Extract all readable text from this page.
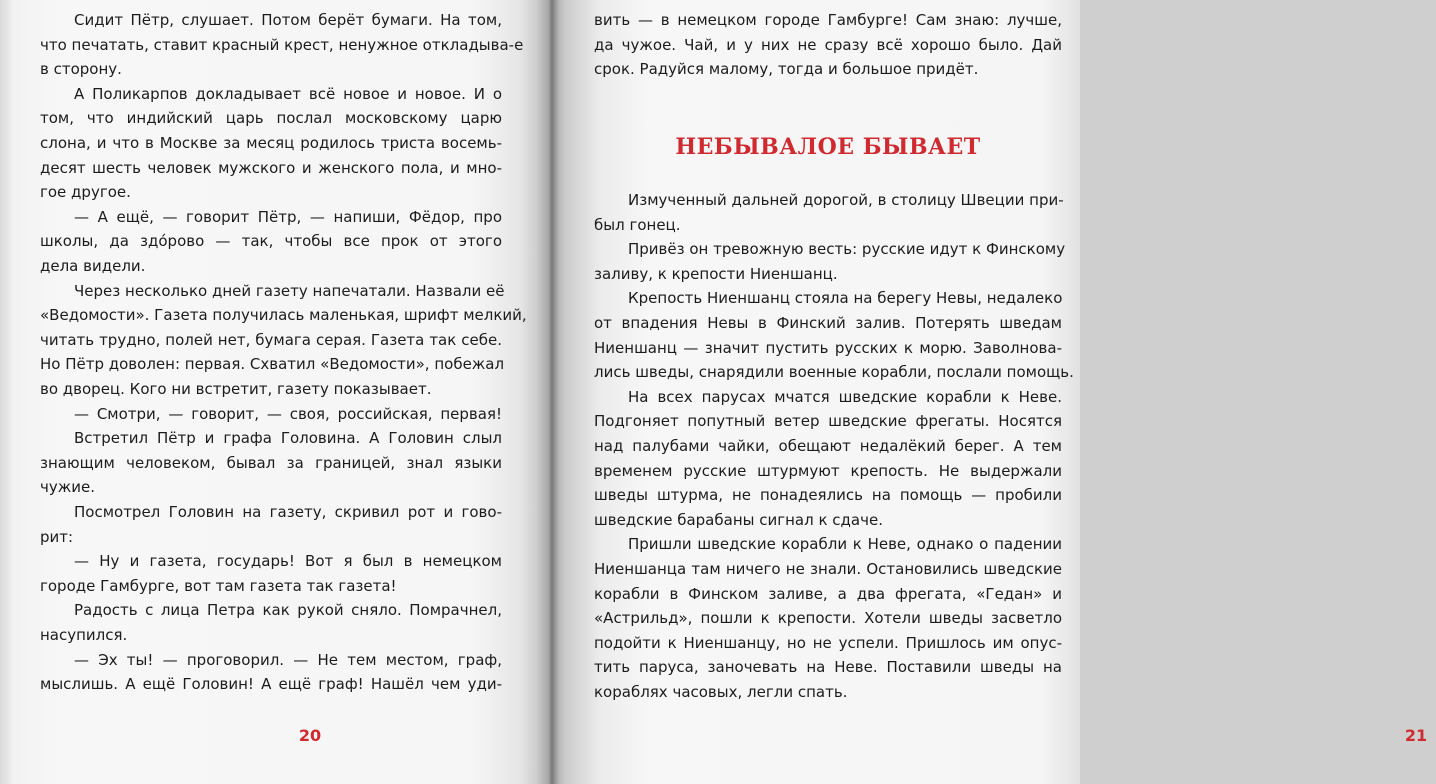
Сидит Пётр, слушает. Потом берёт бумаги. На том,
что печатать, ставит красный крест, ненужное откладыва-е
в сторону.
А Поликарпов докладывает всё новое и новое. И о
том, что индийский царь послал московскому царю
слона, и что в Москве за месяц родилось триста восемь-
десят шесть человек мужского и женского пола, и мно-
гое другое.
— А ещё, — говорит Пётр, — напиши, Фёдор, про
школы, да здо́рово — так, чтобы все прок от этого
дела видели.
Через несколько дней газету напечатали. Назвали её
«Ведомости». Газета получилась маленькая, шрифт мелкий,
читать трудно, полей нет, бумага серая. Газета так себе.
Но Пётр доволен: первая. Схватил «Ведомости», побежал
во дворец. Кого ни встретит, газету показывает.
— Смотри, — говорит, — своя, российская, первая!
Встретил Пётр и графа Головина. А Головин слыл
знающим человеком, бывал за границей, знал языки
чужие.
Посмотрел Головин на газету, скривил рот и гово-
рит:
— Ну и газета, государь! Вот я был в немецком
городе Гамбурге, вот там газета так газета!
Радость с лица Петра как рукой сняло. Помрачнел,
насупился.
— Эх ты! — проговорил. — Не тем местом, граф,
мыслишь. А ещё Головин! А ещё граф! Нашёл чем уди-
20
вить — в немецком городе Гамбурге! Сам знаю: лучше,
да чужое. Чай, и у них не сразу всё хорошо было. Дай
срок. Радуйся малому, тогда и большое придёт.
НЕБЫВАЛОЕ БЫВАЕТ
Измученный дальней дорогой, в столицу Швеции при-
был гонец.
Привёз он тревожную весть: русские идут к Финскому
заливу, к крепости Ниеншанц.
Крепость Ниеншанц стояла на берегу Невы, недалеко
от впадения Невы в Финский залив. Потерять шведам
Ниеншанц — значит пустить русских к морю. Заволнова-
лись шведы, снарядили военные корабли, послали помощь.
На всех парусах мчатся шведские корабли к Неве.
Подгоняет попутный ветер шведские фрегаты. Носятся
над палубами чайки, обещают недалёкий берег. А тем
временем русские штурмуют крепость. Не выдержали
шведы штурма, не понадеялись на помощь — пробили
шведские барабаны сигнал к сдаче.
Пришли шведские корабли к Неве, однако о падении
Ниеншанца там ничего не знали. Остановились шведские
корабли в Финском заливе, а два фрегата, «Гедан» и
«Астрильд», пошли к крепости. Хотели шведы засветло
подойти к Ниеншанцу, но не успели. Пришлось им опус-
тить паруса, заночевать на Неве. Поставили шведы на
кораблях часовых, легли спать.
21
